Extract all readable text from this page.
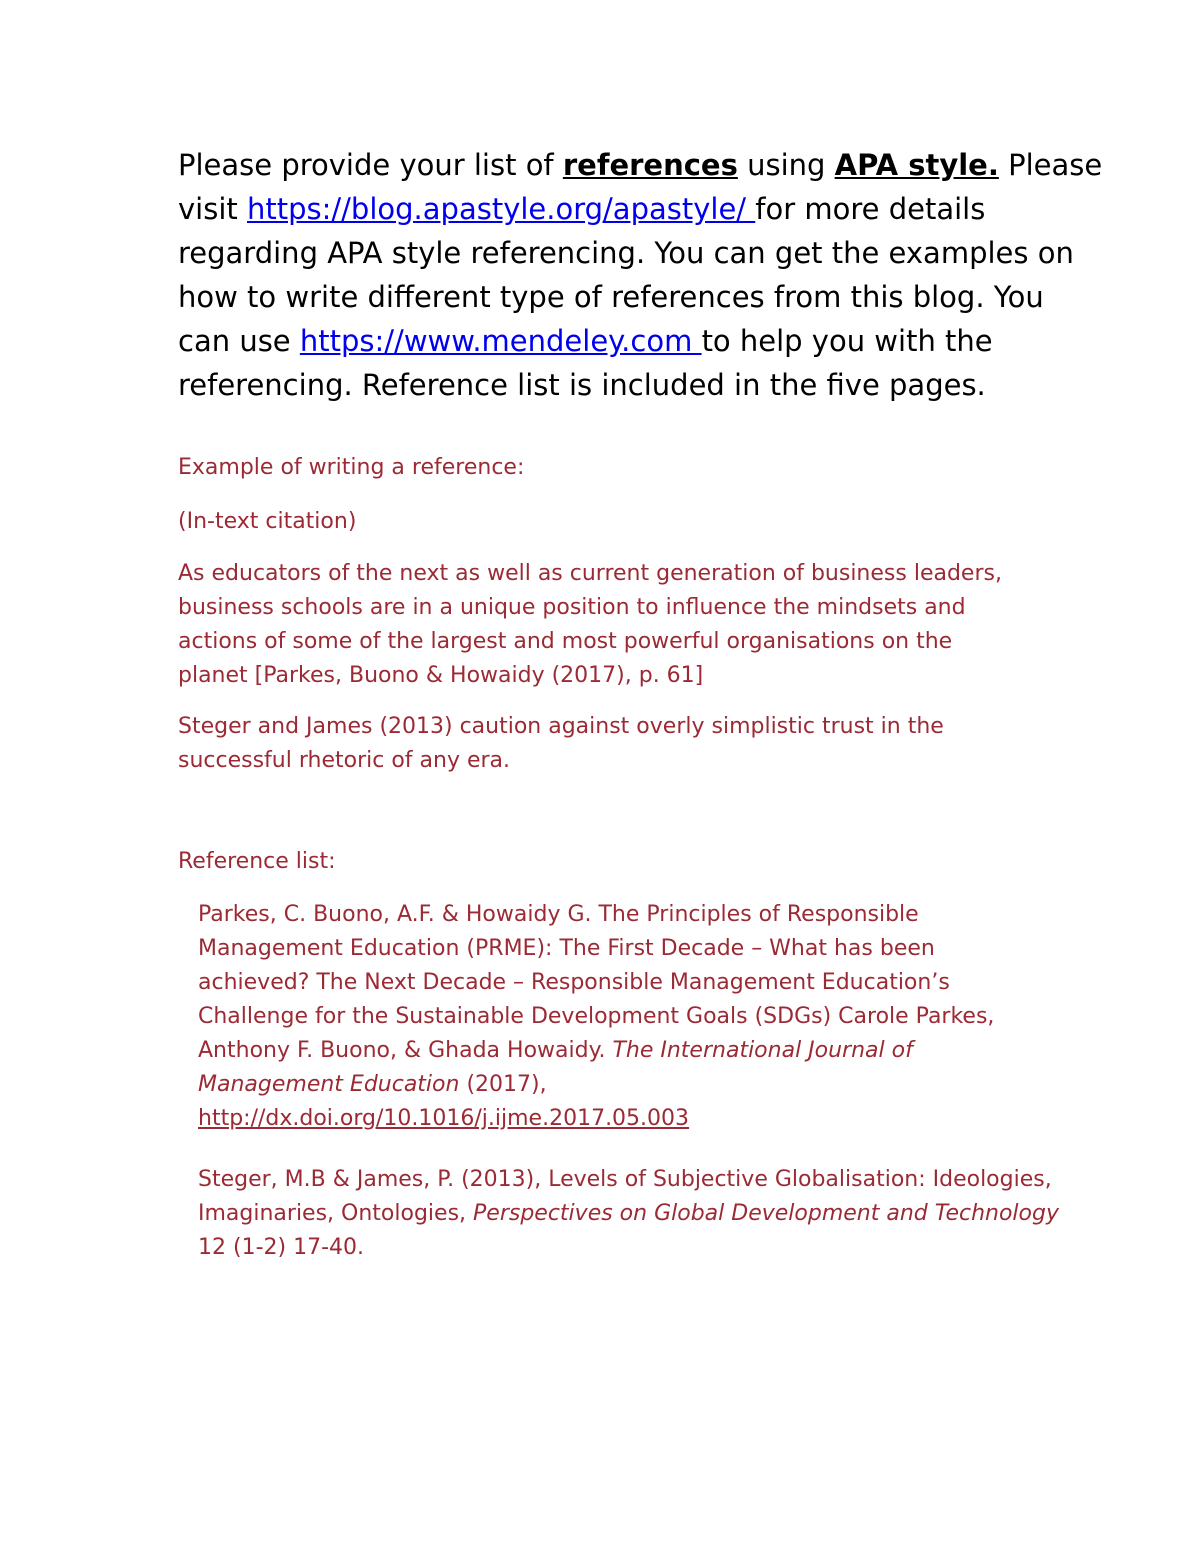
Please provide your list of references using APA style. Please
visit https://blog.apastyle.org/apastyle/ for more details
regarding APA style referencing. You can get the examples on
how to write different type of references from this blog. You
can use https://www.mendeley.com to help you with the
referencing. Reference list is included in the five pages.
Example of writing a reference:
(In-text citation)
As educators of the next as well as current generation of business leaders,
business schools are in a unique position to influence the mindsets and
actions of some of the largest and most powerful organisations on the
planet [Parkes, Buono & Howaidy (2017), p. 61]
Steger and James (2013) caution against overly simplistic trust in the
successful rhetoric of any era.
Reference list:
Parkes, C. Buono, A.F. & Howaidy G. The Principles of Responsible
Management Education (PRME): The First Decade – What has been
achieved? The Next Decade – Responsible Management Education’s
Challenge for the Sustainable Development Goals (SDGs) Carole Parkes,
Anthony F. Buono, & Ghada Howaidy. The International Journal of
Management Education (2017),
http://dx.doi.org/10.1016/j.ijme.2017.05.003
Steger, M.B & James, P. (2013), Levels of Subjective Globalisation: Ideologies,
Imaginaries, Ontologies, Perspectives on Global Development and Technology
12 (1-2) 17-40.
